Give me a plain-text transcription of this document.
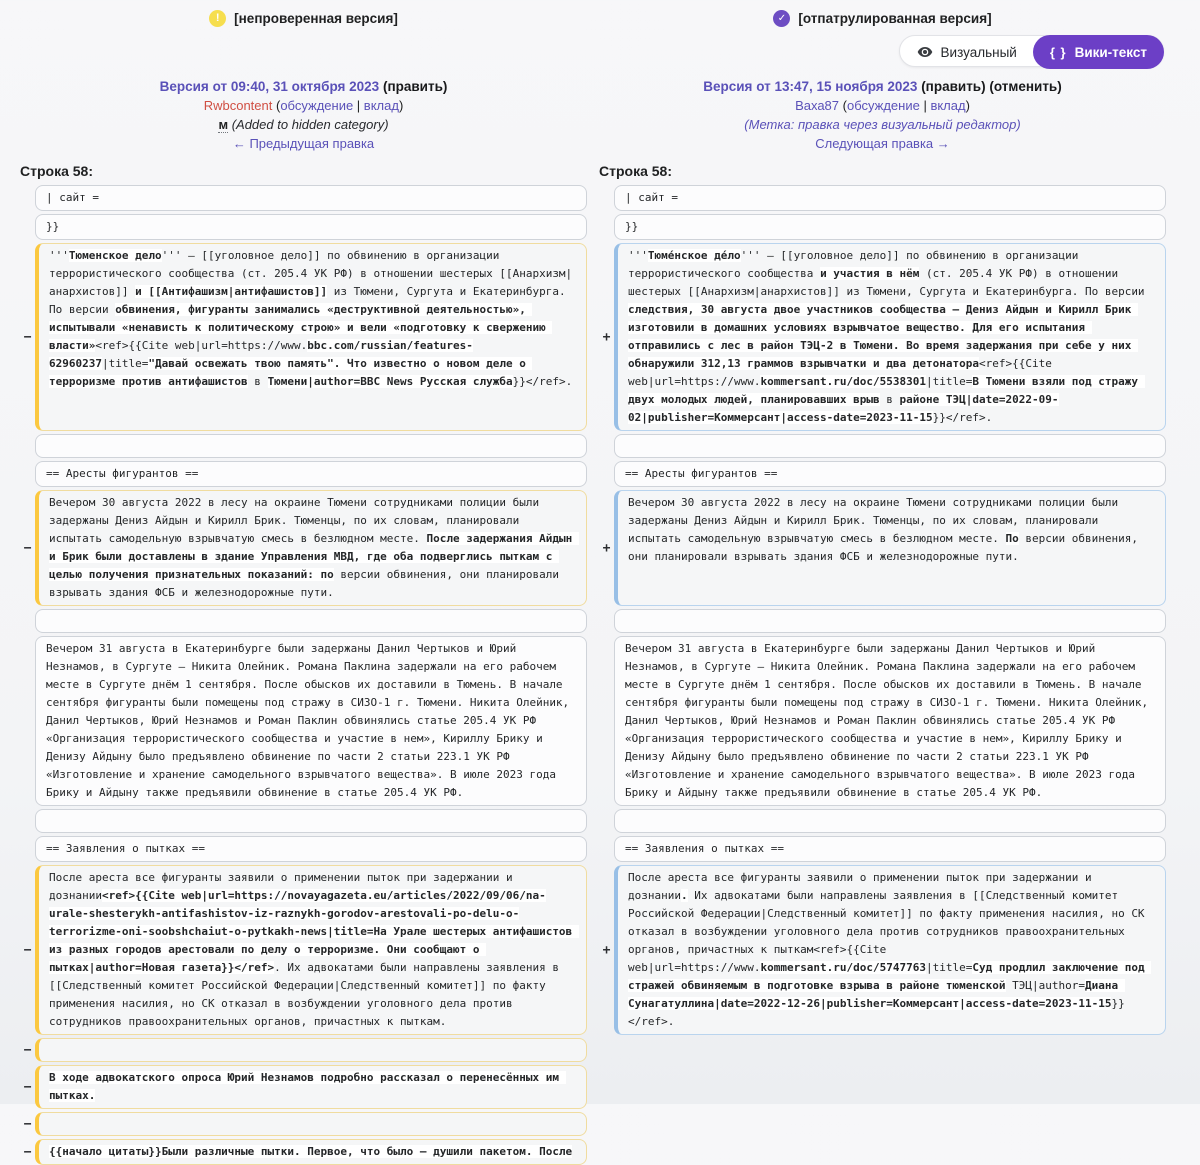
! [непроверенная версия]	✓ [отпатрулированная версия]
Визуальный	{ } Вики-текст
Версия от 09:40, 31 октября 2023 (править)
Rwbcontent (обсуждение | вклад)
м (Added to hidden category)
← Предыдущая правка
Версия от 13:47, 15 ноября 2023 (править) (отменить)
Ваха87 (обсуждение | вклад)
(Метка: правка через визуальный редактор)
Следующая правка →
Строка 58:	Строка 58:
| сайт =	| сайт =
}}	}}
−
'''Тюменское дело''' — [[уголовное дело]] по обвинению в организации террористического сообщества (ст. 205.4 УК РФ) в отношении шестерых [[Анархизм|анархистов]] и [[Антифашизм|антифашистов]] из Тюмени, Сургута и Екатеринбурга. По версии обвинения, фигуранты занимались «деструктивной деятельностью», испытывали «ненависть к политическому строю» и вели «подготовку к свержению власти»<ref>{{Cite web|url=https://www.bbc.com/russian/features-62960237|title="Давай освежать твою память". Что известно о новом деле о терроризме против антифашистов в Тюмени|author=BBC News Русская служба}}</ref>.
+
'''Тюме́нское де́ло''' — [[уголовное дело]] по обвинению в организации террористического сообщества и участия в нём (ст. 205.4 УК РФ) в отношении шестерых [[Анархизм|анархистов]] из Тюмени, Сургута и Екатеринбурга. По версии следствия, 30 августа двое участников сообщества — Дениз Айдын и Кирилл Брик изготовили в домашних условиях взрывчатое вещество. Для его испытания отправились с лес в район ТЭЦ-2 в Тюмени. Во время задержания при себе у них обнаружили 312,13 граммов взрывчатки и два детонатора<ref>{{Cite web|url=https://www.kommersant.ru/doc/5538301|title=В Тюмени взяли под стражу двух молодых людей, планировавших врыв в районе ТЭЦ|date=2022-09-02|publisher=Коммерсант|access-date=2023-11-15}}</ref>.
== Аресты фигурантов ==	== Аресты фигурантов ==
−
Вечером 30 августа 2022 в лесу на окраине Тюмени сотрудниками полиции были задержаны Дениз Айдын и Кирилл Брик. Тюменцы, по их словам, планировали испытать самодельную взрывчатую смесь в безлюдном месте. После задержания Айдын и Брик были доставлены в здание Управления МВД, где оба подверглись пыткам с целью получения признательных показаний: по версии обвинения, они планировали взрывать здания ФСБ и железнодорожные пути.
+
Вечером 30 августа 2022 в лесу на окраине Тюмени сотрудниками полиции были задержаны Дениз Айдын и Кирилл Брик. Тюменцы, по их словам, планировали испытать самодельную взрывчатую смесь в безлюдном месте. По версии обвинения, они планировали взрывать здания ФСБ и железнодорожные пути.
Вечером 31 августа в Екатеринбурге были задержаны Данил Чертыков и Юрий Незнамов, в Сургуте — Никита Олейник. Романа Паклина задержали на его рабочем месте в Сургуте днём 1 сентября. После обысков их доставили в Тюмень. В начале сентября фигуранты были помещены под стражу в СИЗО-1 г. Тюмени. Никита Олейник, Данил Чертыков, Юрий Незнамов и Роман Паклин обвинялись статье 205.4 УК РФ «Организация террористического сообщества и участие в нем», Кириллу Брику и Денизу Айдыну было предъявлено обвинение по части 2 статьи 223.1 УК РФ «Изготовление и хранение самодельного взрывчатого вещества». В июле 2023 года Брику и Айдыну также предъявили обвинение в статье 205.4 УК РФ.
Вечером 31 августа в Екатеринбурге были задержаны Данил Чертыков и Юрий Незнамов, в Сургуте — Никита Олейник. Романа Паклина задержали на его рабочем месте в Сургуте днём 1 сентября. После обысков их доставили в Тюмень. В начале сентября фигуранты были помещены под стражу в СИЗО-1 г. Тюмени. Никита Олейник, Данил Чертыков, Юрий Незнамов и Роман Паклин обвинялись статье 205.4 УК РФ «Организация террористического сообщества и участие в нем», Кириллу Брику и Денизу Айдыну было предъявлено обвинение по части 2 статьи 223.1 УК РФ «Изготовление и хранение самодельного взрывчатого вещества». В июле 2023 года Брику и Айдыну также предъявили обвинение в статье 205.4 УК РФ.
== Заявления о пытках ==	== Заявления о пытках ==
−
После ареста все фигуранты заявили о применении пыток при задержании и дознании<ref>{{Cite web|url=https://novayagazeta.eu/articles/2022/09/06/na-urale-shesterykh-antifashistov-iz-raznykh-gorodov-arestovali-po-delu-o-terrorizme-oni-soobshchaiut-o-pytkakh-news|title=На Урале шестерых антифашистов из разных городов арестовали по делу о терроризме. Они сообщают о пытках|author=Новая газета}}</ref>. Их адвокатами были направлены заявления в [[Следственный комитет Российской Федерации|Следственный комитет]] по факту применения насилия, но СК отказал в возбуждении уголовного дела против сотрудников правоохранительных органов, причастных к пыткам.
+
После ареста все фигуранты заявили о применении пыток при задержании и дознании. Их адвокатами были направлены заявления в [[Следственный комитет Российской Федерации|Следственный комитет]] по факту применения насилия, но СК отказал в возбуждении уголовного дела против сотрудников правоохранительных органов, причастных к пыткам<ref>{{Cite web|url=https://www.kommersant.ru/doc/5747763|title=Суд продлил заключение под стражей обвиняемым в подготовке взрыва в районе тюменской ТЭЦ|author=Диана Сунагатуллина|date=2022-12-26|publisher=Коммерсант|access-date=2023-11-15}}</ref>.
−
−
В ходе адвокатского опроса Юрий Незнамов подробно рассказал о перенесённых им пытках.
−
−	{{начало цитаты}}Были различные пытки. Первое, что было — душили пакетом. После
